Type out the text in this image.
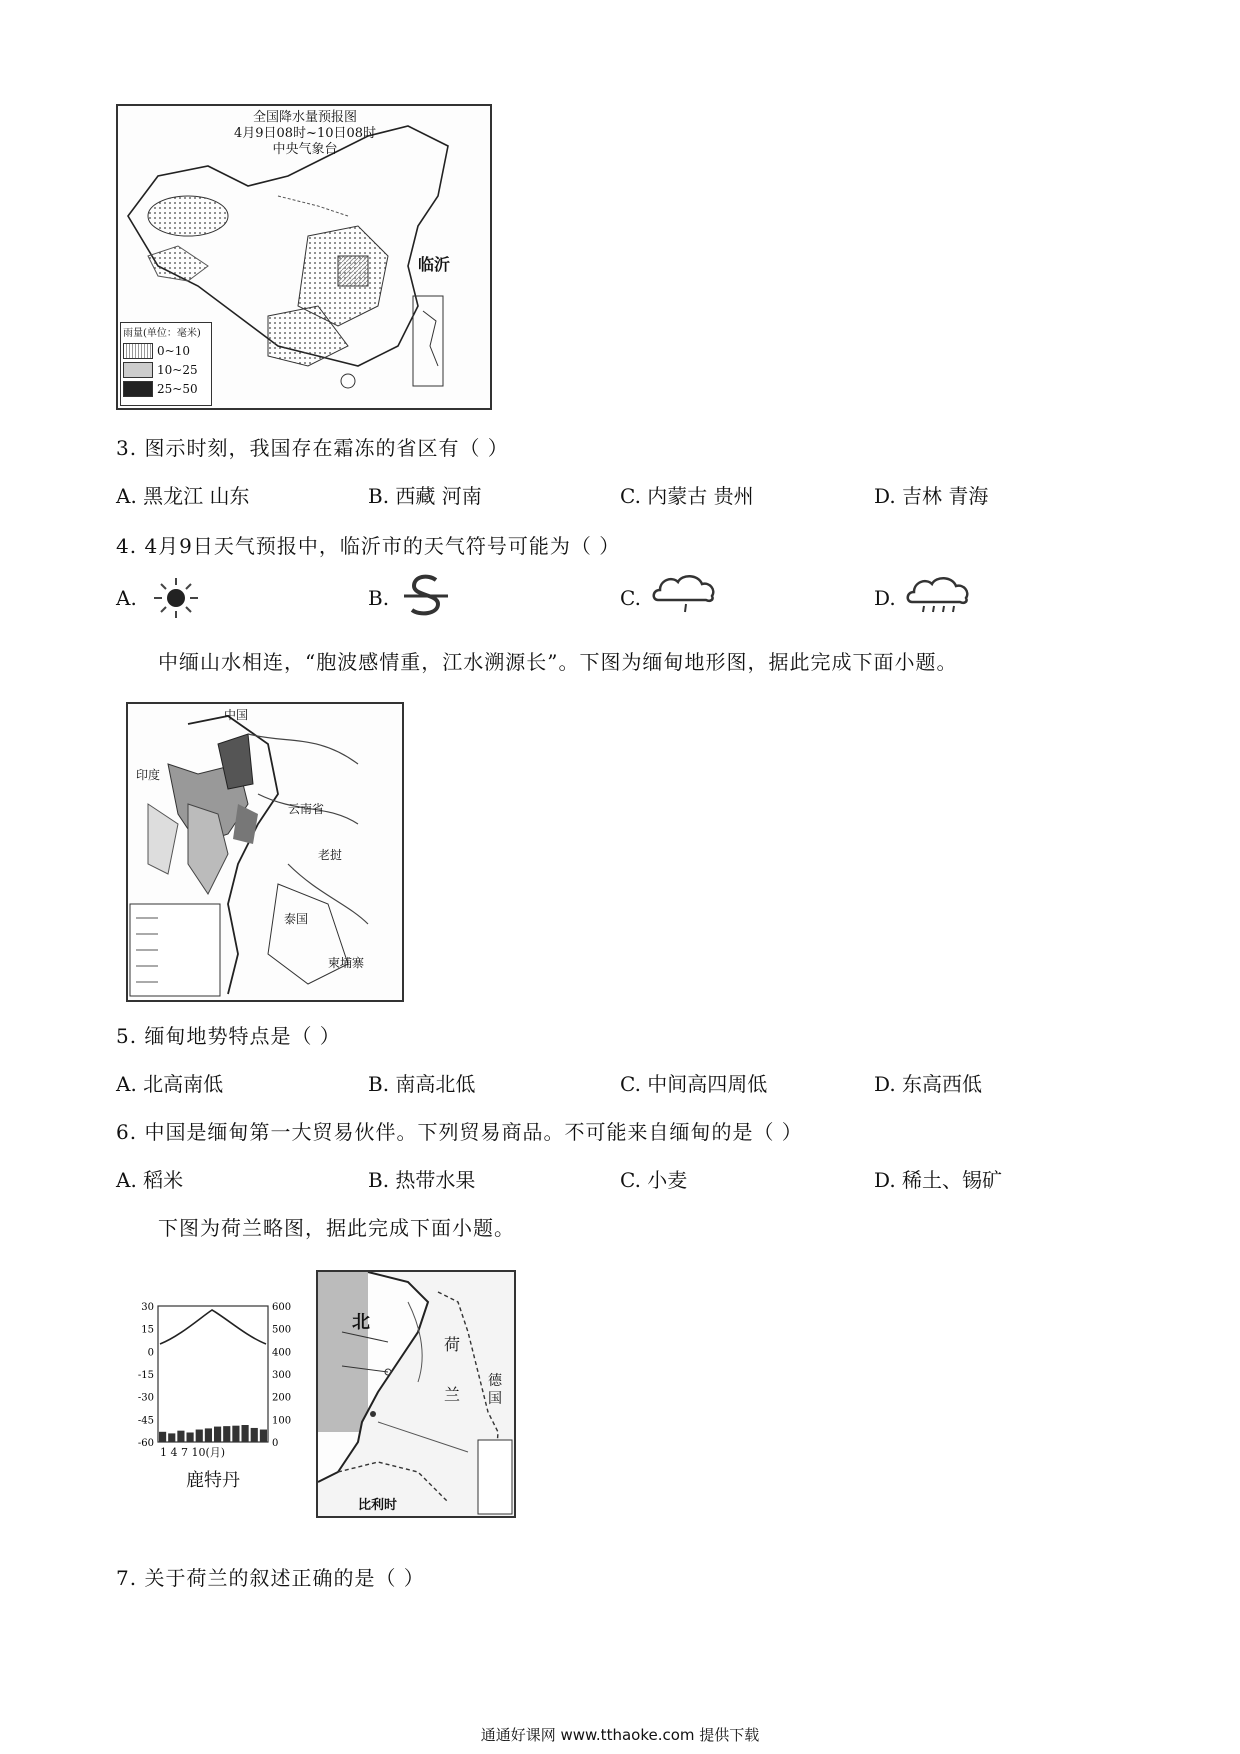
全国降水量预报图
4月9日08时~10日08时
中央气象台
临沂
雨量(单位：毫米)
0~10
10~25
25~50
3. 图示时刻，我国存在霜冻的省区有（ ）
A. 黑龙江 山东	B. 西藏 河南	C. 内蒙古 贵州	D. 吉林 青海
4. 4月9日天气预报中，临沂市的天气符号可能为（ ）
A.	B.	C.	D.
中缅山水相连，“胞波感情重，江水溯源长”。下图为缅甸地形图，据此完成下面小题。
中国
印度
云南省
老挝
泰国
柬埔寨
5. 缅甸地势特点是（ ）
A. 北高南低	B. 南高北低	C. 中间高四周低	D. 东高西低
6. 中国是缅甸第一大贸易伙伴。下列贸易商品。不可能来自缅甸的是（ ）
A. 稻米	B. 热带水果	C. 小麦	D. 稀土、锡矿
下图为荷兰略图，据此完成下面小题。
30
15
0
-15
-30
-45
-60
600
500
400
300
200
100
0
1 4 7 10(月)
鹿特丹
北
荷
兰
德国
比利时
7. 关于荷兰的叙述正确的是（ ）
通通好课网 www.tthaoke.com 提供下载
